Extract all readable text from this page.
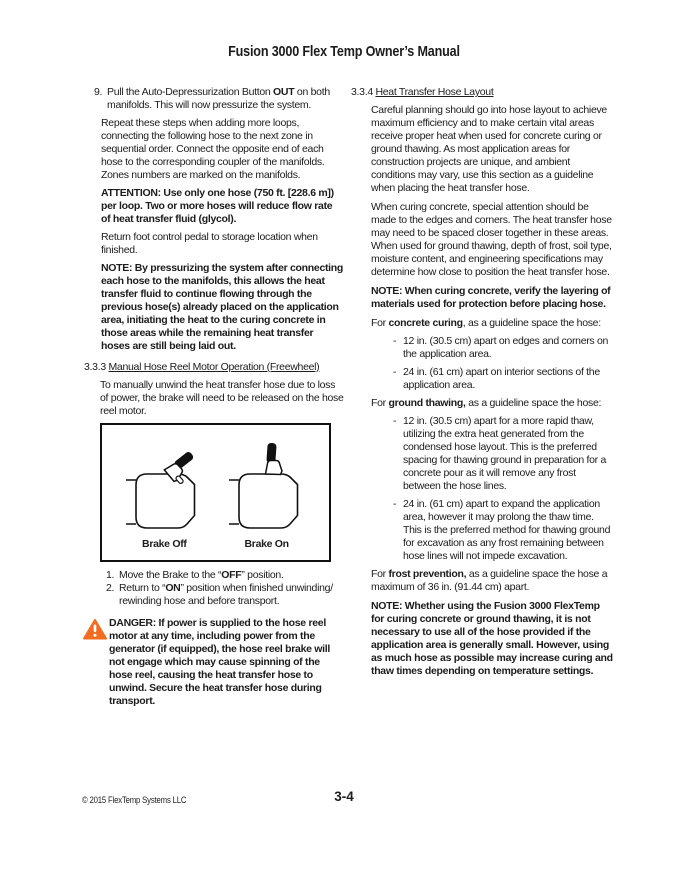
Fusion 3000 Flex Temp Owner’s Manual
9. Pull the Auto-Depressurization Button OUT on both manifolds. This will now pressurize the system.

Repeat these steps when adding more loops, connecting the following hose to the next zone in sequential order. Connect the opposite end of each hose to the corresponding coupler of the manifolds. Zones numbers are marked on the manifolds.

ATTENTION: Use only one hose (750 ft. [228.6 m]) per loop. Two or more hoses will reduce flow rate of heat transfer fluid (glycol).

Return foot control pedal to storage location when finished.

NOTE: By pressurizing the system after connecting each hose to the manifolds, this allows the heat transfer fluid to continue flowing through the previous hose(s) already placed on the application area, initiating the heat to the curing concrete in those areas while the remaining heat transfer hoses are still being laid out.

3.3.3 Manual Hose Reel Motor Operation (Freewheel)

To manually unwind the heat transfer hose due to loss of power, the brake will need to be released on the hose reel motor.

Brake Off	Brake On
1. Move the Brake to the “OFF” position.
2. Return to “ON” position when finished unwinding/ rewinding hose and before transport.

DANGER: If power is supplied to the hose reel motor at any time, including power from the generator (if equipped), the hose reel brake will not engage which may cause spinning of the hose reel, causing the heat transfer hose to unwind. Secure the heat transfer hose during transport.

3.3.4 Heat Transfer Hose Layout

Careful planning should go into hose layout to achieve maximum efficiency and to make certain vital areas receive proper heat when used for concrete curing or ground thawing. As most application areas for construction projects are unique, and ambient conditions may vary, use this section as a guideline when placing the heat transfer hose.

When curing concrete, special attention should be made to the edges and corners. The heat transfer hose may need to be spaced closer together in these areas. When used for ground thawing, depth of frost, soil type, moisture content, and engineering specifications may determine how close to position the heat transfer hose.

NOTE: When curing concrete, verify the layering of materials used for protection before placing hose.

For concrete curing, as a guideline space the hose:

- 12 in. (30.5 cm) apart on edges and corners on the application area.
- 24 in. (61 cm) apart on interior sections of the application area.

For ground thawing, as a guideline space the hose:

- 12 in. (30.5 cm) apart for a more rapid thaw, utilizing the extra heat generated from the condensed hose layout. This is the preferred spacing for thawing ground in preparation for a concrete pour as it will remove any frost between the hose lines.
- 24 in. (61 cm) apart to expand the application area, however it may prolong the thaw time. This is the preferred method for thawing ground for excavation as any frost remaining between hose lines will not impede excavation.

For frost prevention, as a guideline space the hose a maximum of 36 in. (91.44 cm) apart.

NOTE: Whether using the Fusion 3000 FlexTemp for curing concrete or ground thawing, it is not necessary to use all of the hose provided if the application area is generally small. However, using as much hose as possible may increase curing and thaw times depending on temperature settings.

© 2015 FlexTemp Systems LLC	3-4
